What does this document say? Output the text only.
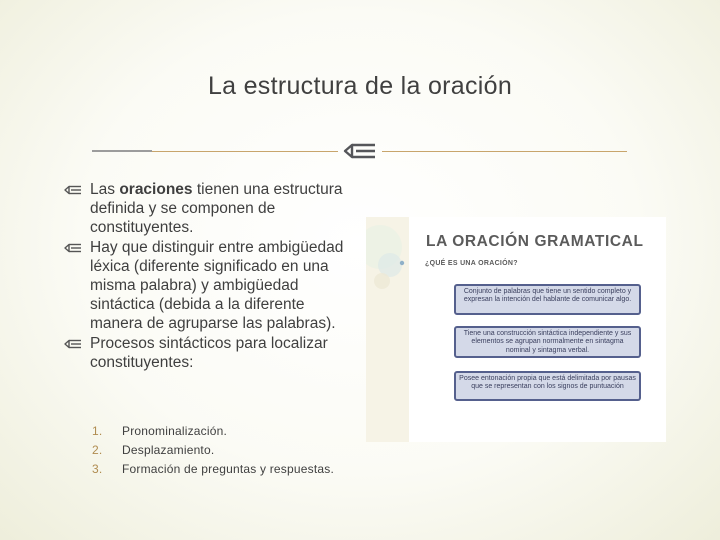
La estructura de la oración
Las oraciones tienen una estructura definida y se componen de constituyentes.
Hay que distinguir entre ambigüedad léxica (diferente significado en una misma palabra) y ambigüedad sintáctica (debida a la diferente manera de agruparse las palabras).
Procesos sintácticos para localizar constituyentes:
1. Pronominalización.
2. Desplazamiento.
3. Formación de preguntas y respuestas.
LA ORACIÓN GRAMATICAL
¿QUÉ ES UNA ORACIÓN?
Conjunto de palabras que tiene un sentido completo y expresan la intención del hablante de comunicar algo.
Tiene una construcción sintáctica independiente y sus elementos se agrupan normalmente en sintagma nominal y sintagma verbal.
Posee entonación propia que está delimitada por pausas que se representan con los signos de puntuación
